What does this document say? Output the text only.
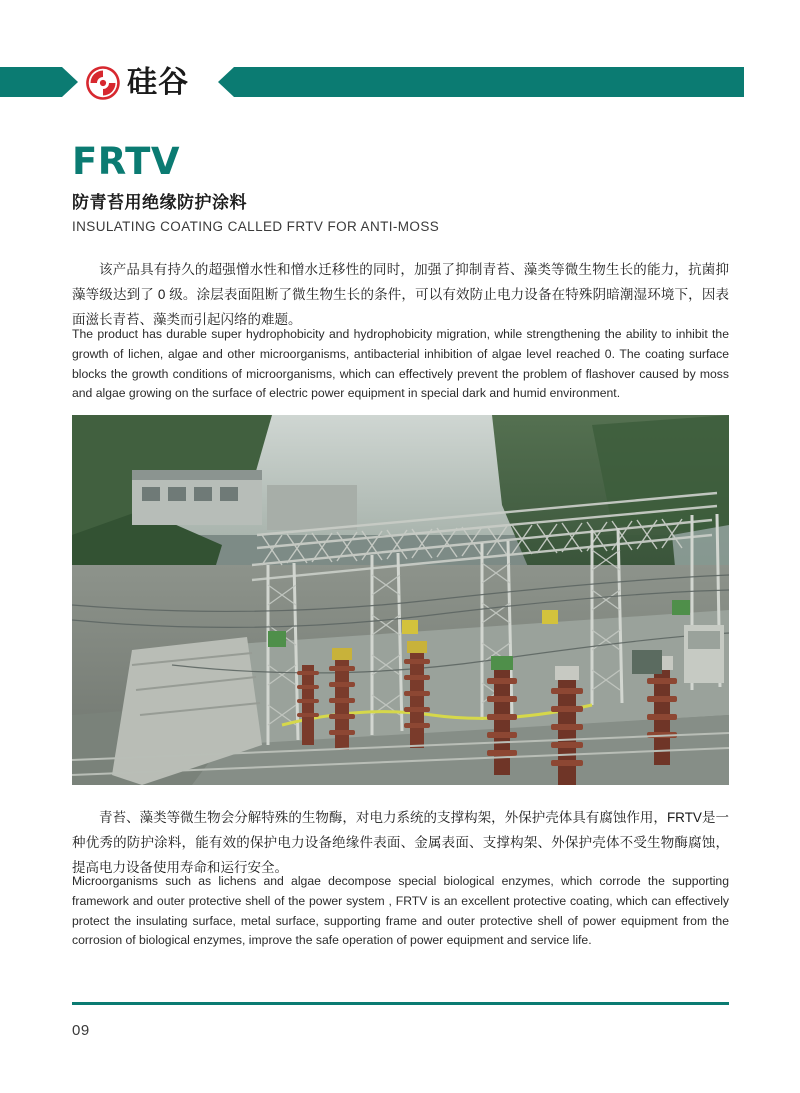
硅谷
FRTV
防青苔用绝缘防护涂料
INSULATING COATING CALLED FRTV FOR ANTI-MOSS
该产品具有持久的超强憎水性和憎水迁移性的同时，加强了抑制青苔、藻类等微生物生长的能力，抗菌抑藻等级达到了 0 级。涂层表面阻断了微生物生长的条件，可以有效防止电力设备在特殊阴暗潮湿环境下，因表面滋长青苔、藻类而引起闪络的难题。
The product has durable super hydrophobicity and hydrophobicity migration, while strengthening the ability to inhibit the growth of lichen, algae and other microorganisms, antibacterial inhibition of algae level reached 0. The coating surface blocks the growth conditions of microorganisms, which can effectively prevent the problem of flashover caused by moss and algae growing on the surface of electric power equipment in special dark and humid environment.
青苔、藻类等微生物会分解特殊的生物酶，对电力系统的支撑构架，外保护壳体具有腐蚀作用，FRTV是一种优秀的防护涂料，能有效的保护电力设备绝缘件表面、金属表面、支撑构架、外保护壳体不受生物酶腐蚀，提高电力设备使用寿命和运行安全。
Microorganisms such as lichens and algae decompose special biological enzymes, which corrode the supporting framework and outer protective shell of the power system , FRTV is an excellent protective coating, which can effectively protect the insulating surface, metal surface, supporting frame and outer protective shell of power equipment from the corrosion of biological enzymes, improve the safe operation of power equipment and service life.
09
